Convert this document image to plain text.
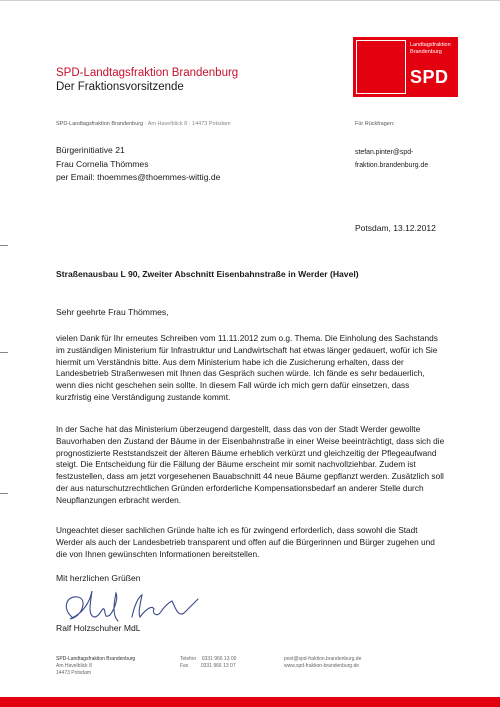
SPD-Landtagsfraktion Brandenburg
Der Fraktionsvorsitzende
Landtagsfraktion
Brandenburg
SPD
SPD-Landtagsfraktion Brandenburg · Am Havelblick 8 · 14473 Potsdam	Für Rückfragen:
Bürgerinitiative 21
Frau Cornelia Thömmes
per Email: thoemmes@thoemmes-wittig.de
stefan.pinter@spd-
fraktion.brandenburg.de
Potsdam, 13.12.2012
Straßenausbau L 90, Zweiter Abschnitt Eisenbahnstraße in Werder (Havel)
Sehr geehrte Frau Thömmes,
vielen Dank für Ihr erneutes Schreiben vom 11.11.2012 zum o.g. Thema. Die Einholung des Sachstands im zuständigen Ministerium für Infrastruktur und Landwirtschaft hat etwas länger gedauert, wofür ich Sie hiermit um Verständnis bitte. Aus dem Ministerium habe ich die Zusicherung erhalten, dass der Landesbetrieb Straßenwesen mit Ihnen das Gespräch suchen würde. Ich fände es sehr bedauerlich, wenn dies nicht geschehen sein sollte. In diesem Fall würde ich mich gern dafür einsetzen, dass kurzfristig eine Verständigung zustande kommt.
In der Sache hat das Ministerium überzeugend dargestellt, dass das von der Stadt Werder gewollte Bauvorhaben den Zustand der Bäume in der Eisenbahnstraße in einer Weise beeinträchtigt, dass sich die prognostizierte Reststandszeit der älteren Bäume erheblich verkürzt und gleichzeitig der Pflegeaufwand steigt. Die Entscheidung für die Fällung der Bäume erscheint mir somit nachvollziehbar. Zudem ist festzustellen, dass am jetzt vorgesehenen Bauabschnitt 44 neue Bäume gepflanzt werden. Zusätzlich soll der aus naturschutzrechtlichen Gründen erforderliche Kompensationsbedarf an anderer Stelle durch Neupflanzungen erbracht werden.
Ungeachtet dieser sachlichen Gründe halte ich es für zwingend erforderlich, dass sowohl die Stadt Werder als auch der Landesbetrieb transparent und offen auf die Bürgerinnen und Bürger zugehen und die von Ihnen gewünschten Informationen bereitstellen.
Mit herzlichen Grüßen
Ralf Holzschuher MdL
SPD-Landtagsfraktion Brandenburg
Am Havelblick 8
14473 Potsdam
Telefon 0331 966 13 00
Fax	0331 966 13 07
post@spd-fraktion.brandenburg.de
www.spd-fraktion-brandenburg.de
